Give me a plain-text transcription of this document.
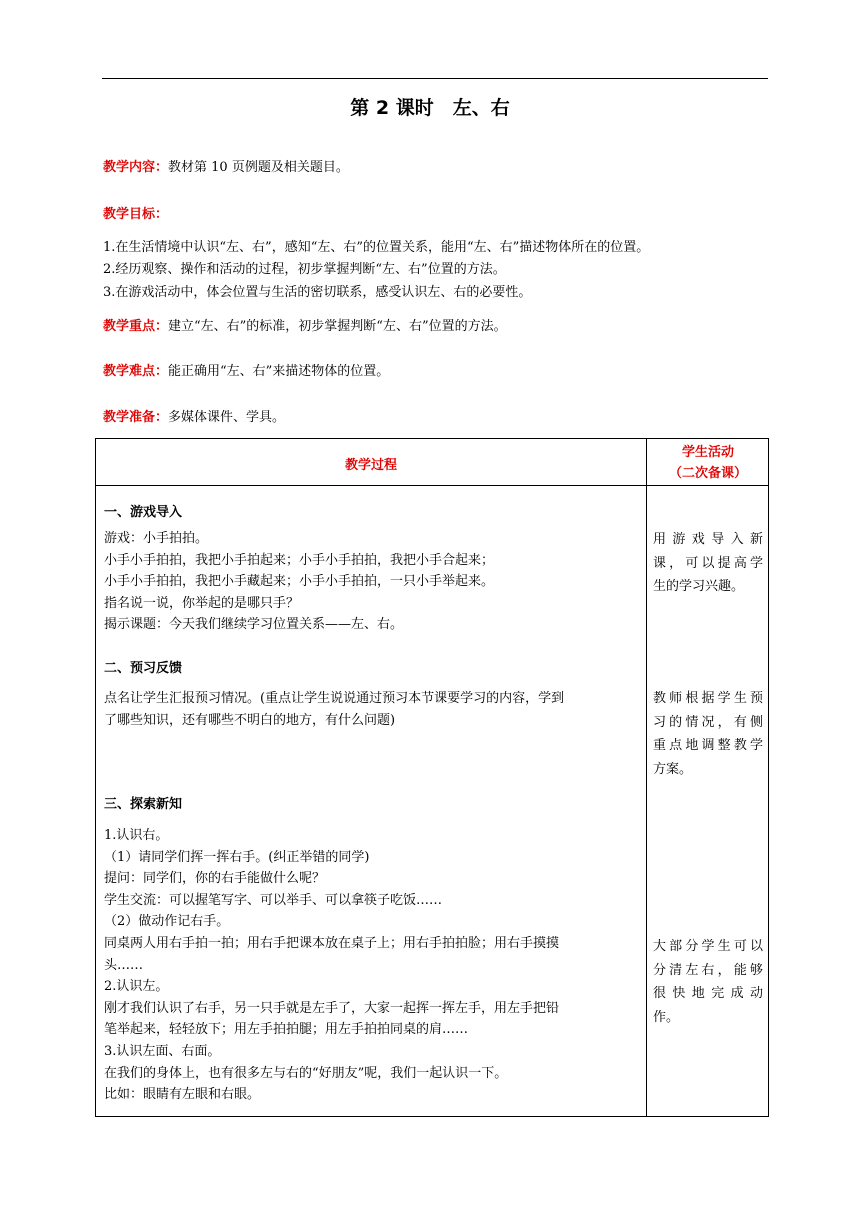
第 2 课时　左、右
教学内容：教材第 10 页例题及相关题目。
教学目标：
1.在生活情境中认识“左、右”，感知“左、右”的位置关系，能用“左、右”描述物体所在的位置。
2.经历观察、操作和活动的过程，初步掌握判断“左、右”位置的方法。
3.在游戏活动中，体会位置与生活的密切联系，感受认识左、右的必要性。
教学重点：建立“左、右”的标准，初步掌握判断“左、右”位置的方法。
教学难点：能正确用“左、右”来描述物体的位置。
教学准备：多媒体课件、学具。
教学过程
学生活动
（二次备课）
一、游戏导入
游戏：小手拍拍。
小手小手拍拍，我把小手拍起来；小手小手拍拍，我把小手合起来；
小手小手拍拍，我把小手藏起来；小手小手拍拍，一只小手举起来。
指名说一说，你举起的是哪只手？
揭示课题：今天我们继续学习位置关系——左、右。
用游戏导入新
课，可以提高学
生的学习兴趣。
二、预习反馈
点名让学生汇报预习情况。(重点让学生说说通过预习本节课要学习的内容，学到
了哪些知识，还有哪些不明白的地方，有什么问题)
教师根据学生预
习的情况，有侧
重点地调整教学
方案。
三、探索新知
1.认识右。
（1）请同学们挥一挥右手。(纠正举错的同学)
提问：同学们，你的右手能做什么呢？
学生交流：可以握笔写字、可以举手、可以拿筷子吃饭……
（2）做动作记右手。
同桌两人用右手拍一拍；用右手把课本放在桌子上；用右手拍拍脸；用右手摸摸
头……
2.认识左。
刚才我们认识了右手，另一只手就是左手了，大家一起挥一挥左手，用左手把铅
笔举起来，轻轻放下；用左手拍拍腿；用左手拍拍同桌的肩……
3.认识左面、右面。
在我们的身体上，也有很多左与右的“好朋友”呢，我们一起认识一下。
比如：眼睛有左眼和右眼。
大部分学生可以
分清左右，能够
很快地完成动
作。
